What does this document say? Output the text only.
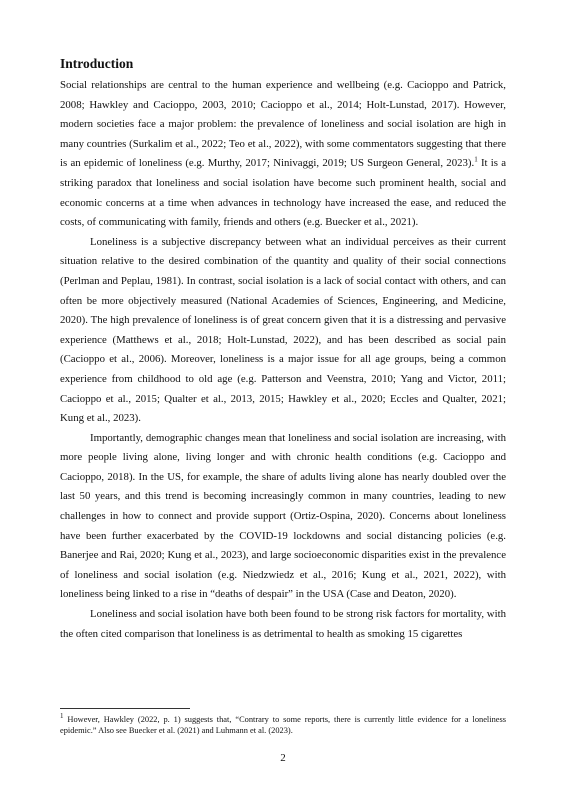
Introduction

Social relationships are central to the human experience and wellbeing (e.g. Cacioppo and Patrick, 2008; Hawkley and Cacioppo, 2003, 2010; Cacioppo et al., 2014; Holt-Lunstad, 2017). However, modern societies face a major problem: the prevalence of loneliness and social isolation are high in many countries (Surkalim et al., 2022; Teo et al., 2022), with some commentators suggesting that there is an epidemic of loneliness (e.g. Murthy, 2017; Ninivaggi, 2019; US Surgeon General, 2023).$^1$ It is a striking paradox that loneliness and social isolation have become such prominent health, social and economic concerns at a time when advances in technology have increased the ease, and reduced the costs, of communicating with family, friends and others (e.g. Buecker et al., 2021).

Loneliness is a subjective discrepancy between what an individual perceives as their current situation relative to the desired combination of the quantity and quality of their social connections (Perlman and Peplau, 1981). In contrast, social isolation is a lack of social contact with others, and can often be more objectively measured (National Academies of Sciences, Engineering, and Medicine, 2020). The high prevalence of loneliness is of great concern given that it is a distressing and pervasive experience (Matthews et al., 2018; Holt-Lunstad, 2022), and has been described as social pain (Cacioppo et al., 2006). Moreover, loneliness is a major issue for all age groups, being a common experience from childhood to old age (e.g. Patterson and Veenstra, 2010; Yang and Victor, 2011; Cacioppo et al., 2015; Qualter et al., 2013, 2015; Hawkley et al., 2020; Eccles and Qualter, 2021; Kung et al., 2023).

Importantly, demographic changes mean that loneliness and social isolation are increasing, with more people living alone, living longer and with chronic health conditions (e.g. Cacioppo and Cacioppo, 2018). In the US, for example, the share of adults living alone has nearly doubled over the last 50 years, and this trend is becoming increasingly common in many countries, leading to new challenges in how to connect and provide support (Ortiz-Ospina, 2020). Concerns about loneliness have been further exacerbated by the COVID-19 lockdowns and social distancing policies (e.g. Banerjee and Rai, 2020; Kung et al., 2023), and large socioeconomic disparities exist in the prevalence of loneliness and social isolation (e.g. Niedzwiedz et al., 2016; Kung et al., 2021, 2022), with loneliness being linked to a rise in “deaths of despair” in the USA (Case and Deaton, 2020).

Loneliness and social isolation have both been found to be strong risk factors for mortality, with the often cited comparison that loneliness is as detrimental to health as smoking 15 cigarettes

$^1$ However, Hawkley (2022, p. 1) suggests that, “Contrary to some reports, there is currently little evidence for a loneliness epidemic.” Also see Buecker et al. (2021) and Luhmann et al. (2023).

2
